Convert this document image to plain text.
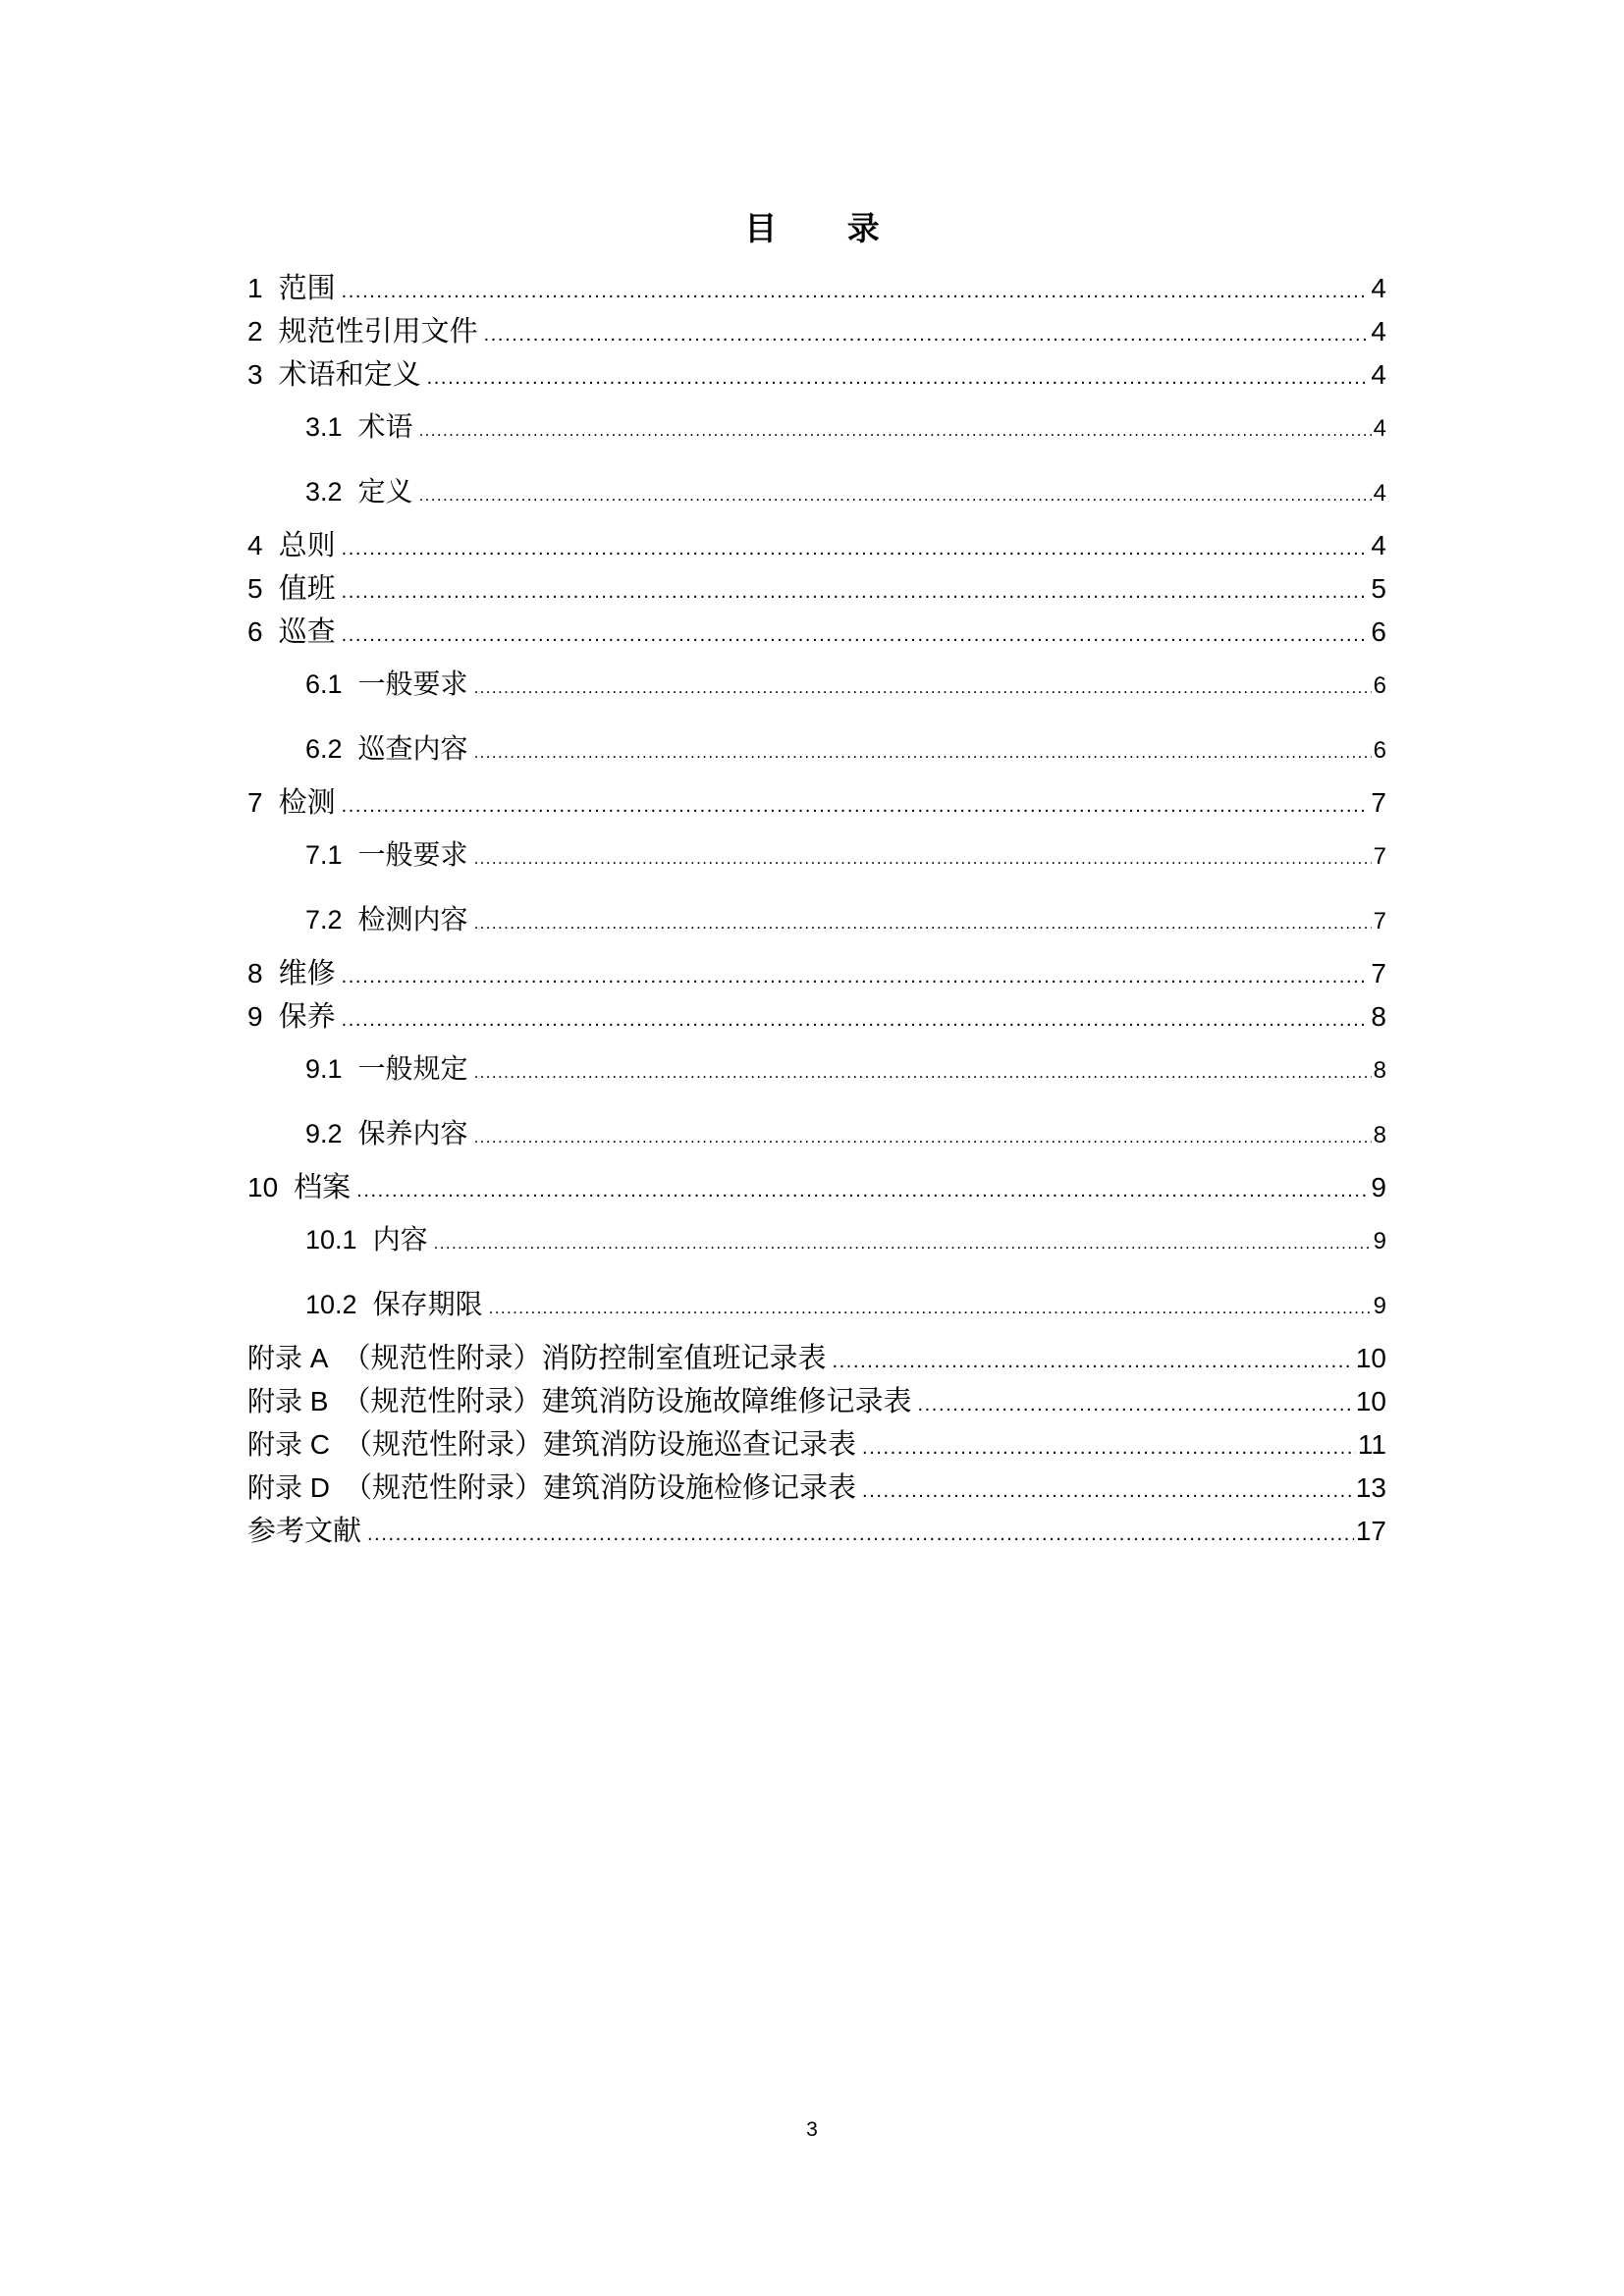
目 录
1 范围 .....	4
2 规范性引用文件 .....	4
3 术语和定义 .....	4
3.1 术语 .....	4
3.2 定义 .....	4
4 总则 .....	4
5 值班 .....	5
6 巡查 .....	6
6.1 一般要求 .....	6
6.2 巡查内容 .....	6
7 检测 .....	7
7.1 一般要求 .....	7
7.2 检测内容 .....	7
8 维修 .....	7
9 保养 .....	8
9.1 一般规定 .....	8
9.2 保养内容 .....	8
10 档案 .....	9
10.1 内容 .....	9
10.2 保存期限 .....	9
附录 A （规范性附录）消防控制室值班记录表 .....	10
附录 B （规范性附录）建筑消防设施故障维修记录表 .....	10
附录 C （规范性附录）建筑消防设施巡查记录表 .....	11
附录 D （规范性附录）建筑消防设施检修记录表 .....	13
参考文献 .....	17
3
